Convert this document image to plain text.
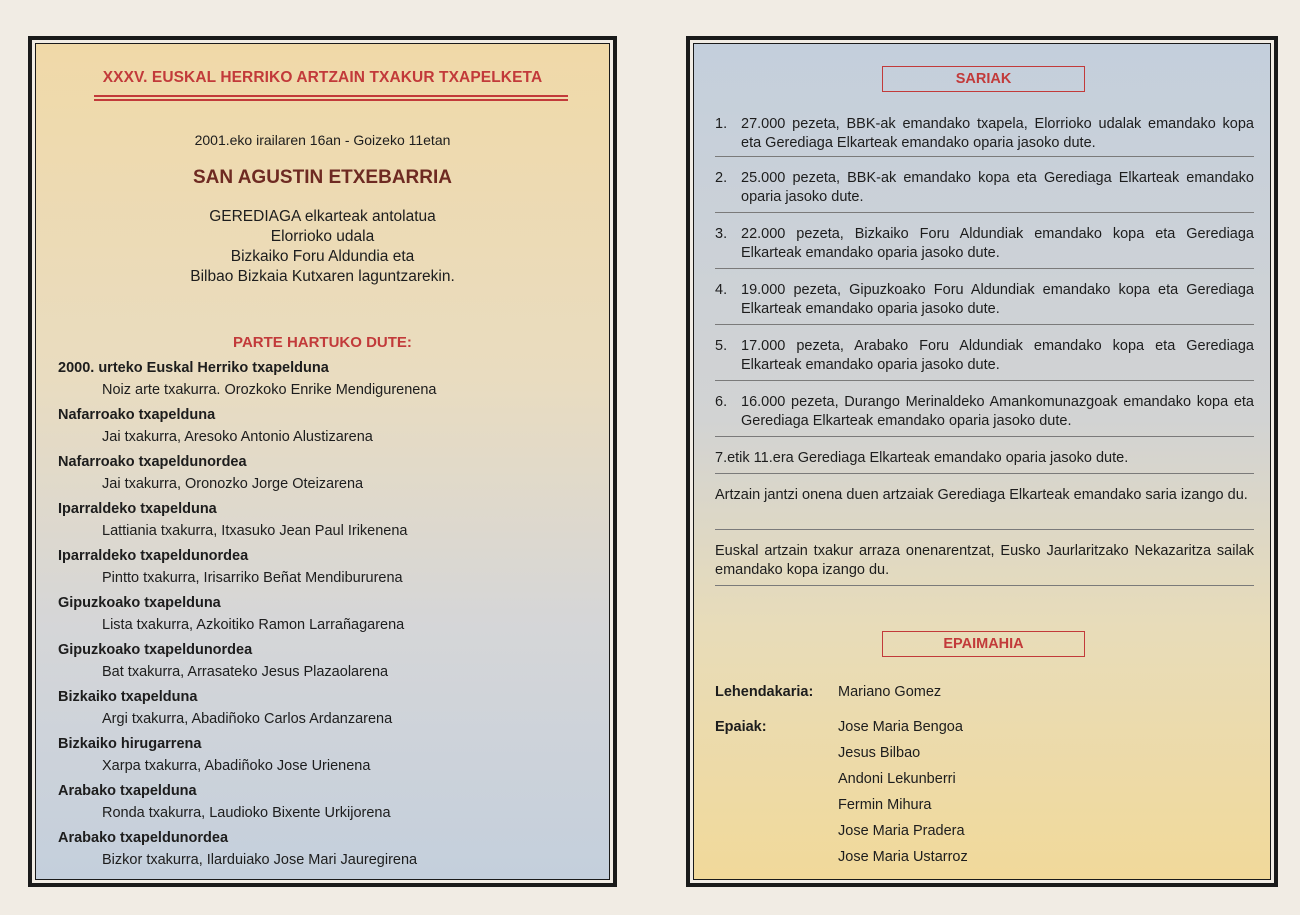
XXXV. EUSKAL HERRIKO ARTZAIN TXAKUR TXAPELKETA
2001.eko irailaren 16an - Goizeko 11etan
SAN AGUSTIN ETXEBARRIA
GEREDIAGA elkarteak antolatua
Elorrioko udala
Bizkaiko Foru Aldundia eta
Bilbao Bizkaia Kutxaren laguntzarekin.
PARTE HARTUKO DUTE:
2000. urteko Euskal Herriko txapelduna
Noiz arte txakurra. Orozkoko Enrike Mendigurenena
Nafarroako txapelduna
Jai txakurra, Aresoko Antonio Alustizarena
Nafarroako txapeldunordea
Jai txakurra, Oronozko Jorge Oteizarena
Iparraldeko txapelduna
Lattiania txakurra, Itxasuko Jean Paul Irikenena
Iparraldeko txapeldunordea
Pintto txakurra, Irisarriko Beñat Mendibururena
Gipuzkoako txapelduna
Lista txakurra, Azkoitiko Ramon Larrañagarena
Gipuzkoako txapeldunordea
Bat txakurra, Arrasateko Jesus Plazaolarena
Bizkaiko txapelduna
Argi txakurra, Abadiñoko Carlos Ardanzarena
Bizkaiko hirugarrena
Xarpa txakurra, Abadiñoko Jose Urienena
Arabako txapelduna
Ronda txakurra, Laudioko Bixente Urkijorena
Arabako txapeldunordea
Bizkor txakurra, Ilarduiako Jose Mari Jauregirena
SARIAK
1. 27.000 pezeta, BBK-ak emandako txapela, Elorrioko udalak emandako kopa eta Gerediaga Elkarteak emandako oparia jasoko dute.
2. 25.000 pezeta, BBK-ak emandako kopa eta Gerediaga Elkarteak emandako oparia jasoko dute.
3. 22.000 pezeta, Bizkaiko Foru Aldundiak emandako kopa eta Gerediaga Elkarteak emandako oparia jasoko dute.
4. 19.000 pezeta, Gipuzkoako Foru Aldundiak emandako kopa eta Gerediaga Elkarteak emandako oparia jasoko dute.
5. 17.000 pezeta, Arabako Foru Aldundiak emandako kopa eta Gerediaga Elkarteak emandako oparia jasoko dute.
6. 16.000 pezeta, Durango Merinaldeko Amankomunazgoak emandako kopa eta Gerediaga Elkarteak emandako oparia jasoko dute.
7.etik 11.era Gerediaga Elkarteak emandako oparia jasoko dute.
Artzain jantzi onena duen artzaiak Gerediaga Elkarteak emandako saria izango du.
Euskal artzain txakur arraza onenarentzat, Eusko Jaurlaritzako Nekazaritza sailak emandako kopa izango du.
EPAIMAHIA
Lehendakaria:	Mariano Gomez
Epaiak:	Jose Maria Bengoa
Jesus Bilbao
Andoni Lekunberri
Fermin Mihura
Jose Maria Pradera
Jose Maria Ustarroz
